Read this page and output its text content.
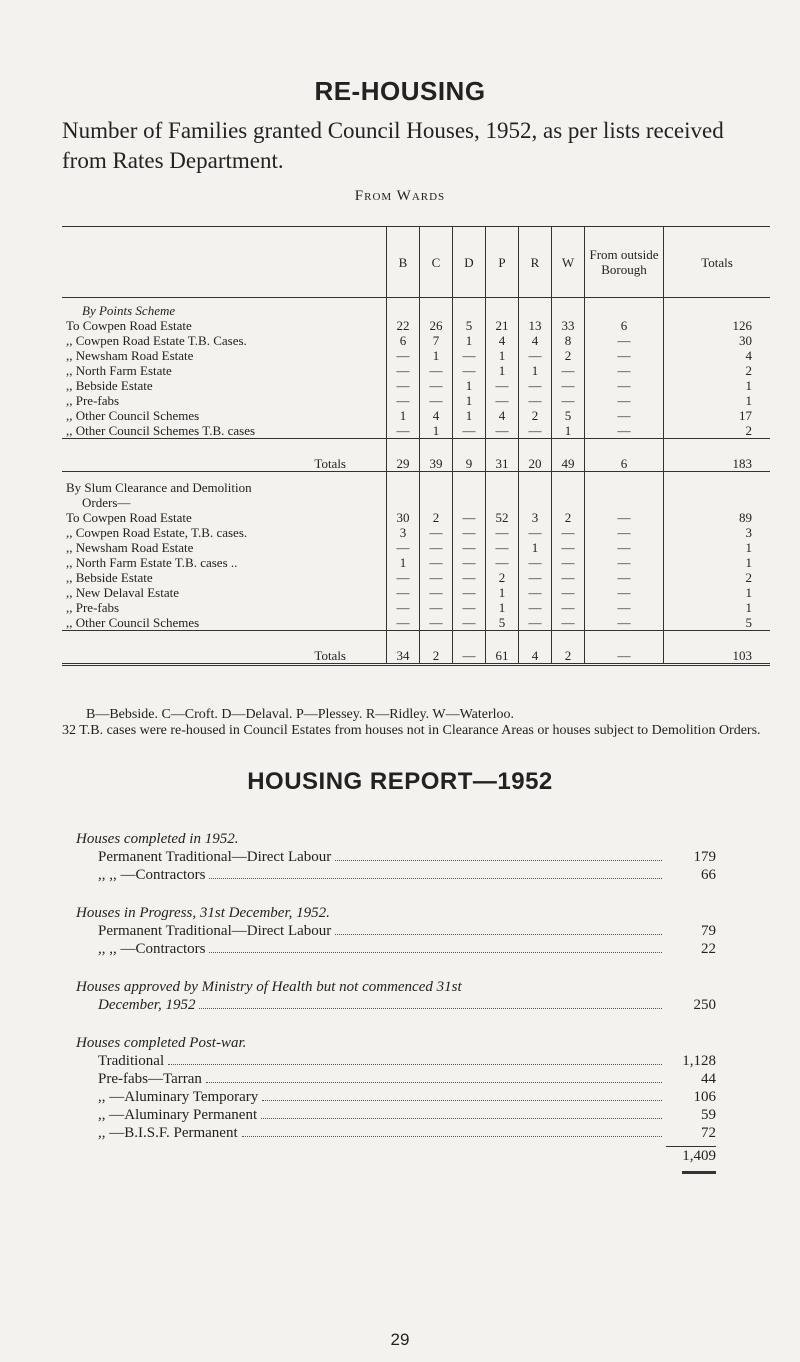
RE-HOUSING
Number of Families granted Council Houses, 1952, as per lists received from Rates Department.
From Wards
	B	C	D	P	R	W	From outside Borough	Totals
By Points Scheme								
To Cowpen Road Estate	22	26	5	21	13	33	6	126
,, Cowpen Road Estate T.B. Cases.	6	7	1	4	4	8	—	30
,, Newsham Road Estate	—	1	—	1	—	2	—	4
,, North Farm Estate	—	—	—	1	1	—	—	2
,, Bebside Estate	—	—	1	—	—	—	—	1
,, Pre-fabs	—	—	1	—	—	—	—	1
,, Other Council Schemes	1	4	1	4	2	5	—	17
,, Other Council Schemes T.B. cases	—	1	—	—	—	1	—	2
Totals	29	39	9	31	20	49	6	183

By Slum Clearance and Demolition								
Orders—								
To Cowpen Road Estate	30	2	—	52	3	2	—	89
,, Cowpen Road Estate, T.B. cases.	3	—	—	—	—	—	—	3
,, Newsham Road Estate	—	—	—	—	1	—	—	1
,, North Farm Estate T.B. cases ..	1	—	—	—	—	—	—	1
,, Bebside Estate	—	—	—	2	—	—	—	2
,, New Delaval Estate	—	—	—	1	—	—	—	1
,, Pre-fabs	—	—	—	1	—	—	—	1
,, Other Council Schemes	—	—	—	5	—	—	—	5
Totals	34	2	—	61	4	2	—	103

B—Bebside. C—Croft. D—Delaval. P—Plessey. R—Ridley. W—Waterloo.

32 T.B. cases were re-housed in Council Estates from houses not in Clearance Areas or houses subject to Demolition Orders.
HOUSING REPORT—1952
Houses completed in 1952.
Permanent Traditional—Direct Labour	179
,, ,, —Contractors	66
Houses in Progress, 31st December, 1952.
Permanent Traditional—Direct Labour	79
,, ,, —Contractors	22
Houses approved by Ministry of Health but not commenced 31st
December, 1952	250
Houses completed Post-war.
Traditional	1,128
Pre-fabs—Tarran	44
,, —Aluminary Temporary	106
,, —Aluminary Permanent	59
,, —B.I.S.F. Permanent	72
1,409
29
